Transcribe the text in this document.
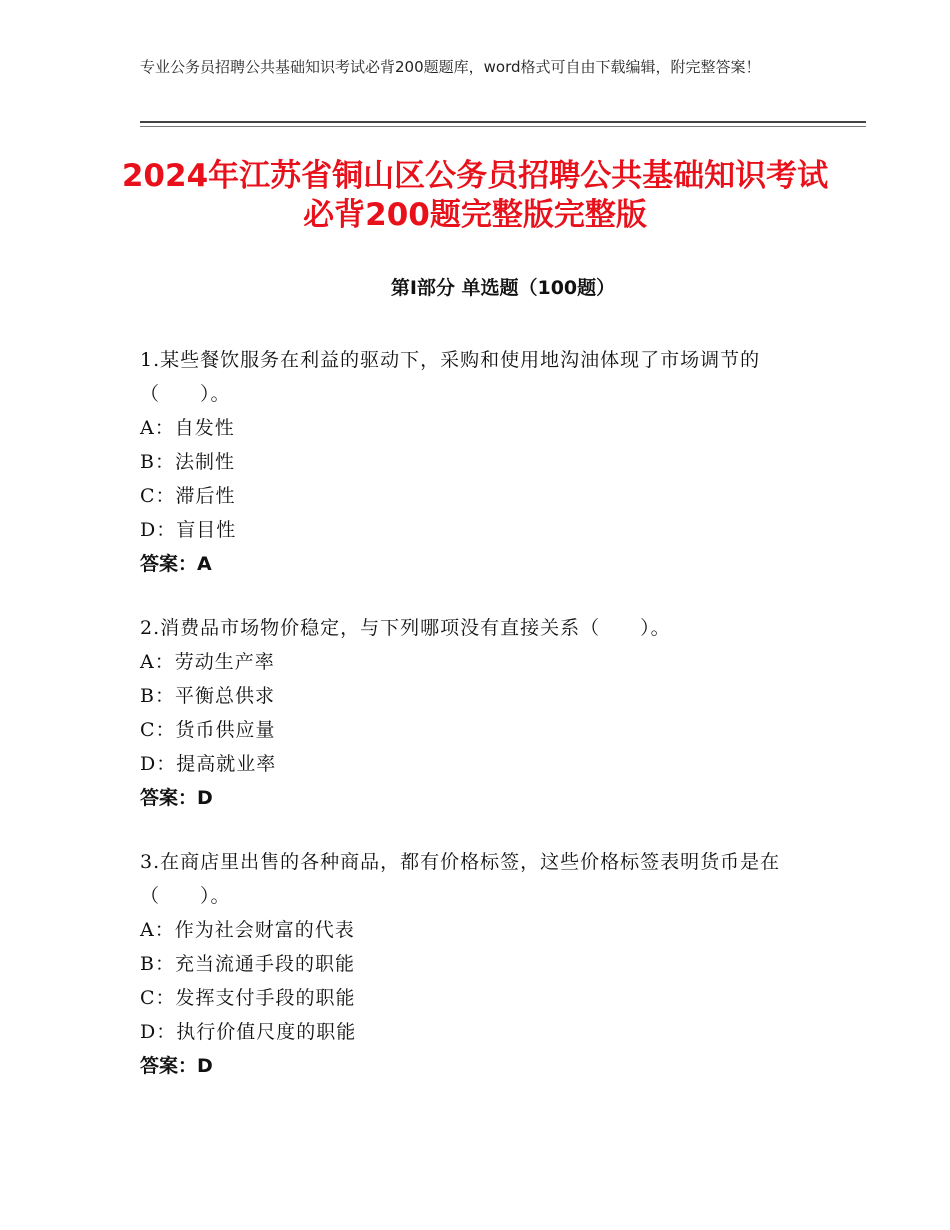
专业公务员招聘公共基础知识考试必背200题题库，word格式可自由下载编辑，附完整答案！
2024年江苏省铜山区公务员招聘公共基础知识考试必背200题完整版完整版
第I部分 单选题（100题）
1.某些餐饮服务在利益的驱动下，采购和使用地沟油体现了市场调节的（　　）。
A：自发性
B：法制性
C：滞后性
D：盲目性
答案：A
2.消费品市场物价稳定，与下列哪项没有直接关系（　　）。
A：劳动生产率
B：平衡总供求
C：货币供应量
D：提高就业率
答案：D
3.在商店里出售的各种商品，都有价格标签，这些价格标签表明货币是在（　　）。
A：作为社会财富的代表
B：充当流通手段的职能
C：发挥支付手段的职能
D：执行价值尺度的职能
答案：D
